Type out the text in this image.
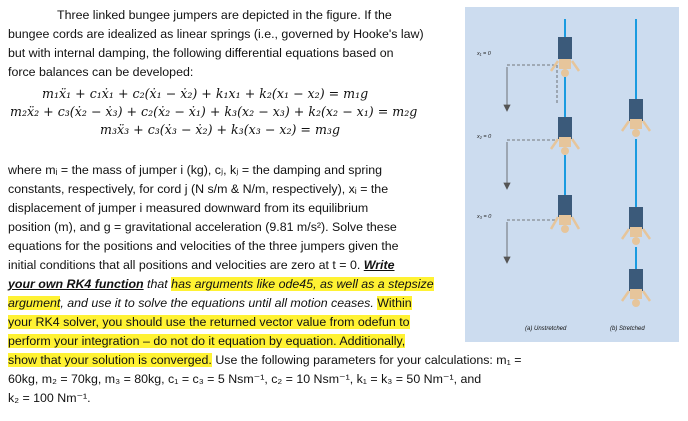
Three linked bungee jumpers are depicted in the figure. If the
bungee cords are idealized as linear springs (i.e., governed by Hooke's law)
but with internal damping, the following differential equations based on
force balances can be developed:
m₁ẍ₁ + c₁ẋ₁ + c₂(ẋ₁ − ẋ₂) + k₁x₁ + k₂(x₁ − x₂) = m₁g
m₂ẍ₂ + c₃(ẋ₂ − ẋ₃) + c₂(ẋ₂ − ẋ₁) + k₃(x₂ − x₃) + k₂(x₂ − x₁) = m₂g
m₃ẍ₃ + c₃(ẋ₃ − ẋ₂) + k₃(x₃ − x₂) = m₃g
where mᵢ = the mass of jumper i (kg), cⱼ, kⱼ = the damping and spring
constants, respectively, for cord j (N s/m & N/m, respectively), xᵢ = the
displacement of jumper i measured downward from its equilibrium
position (m), and g = gravitational acceleration (9.81 m/s²). Solve these
equations for the positions and velocities of the three jumpers given the
initial conditions that all positions and velocities are zero at t = 0. Write
your own RK4 function that has arguments like ode45, as well as a stepsize
argument, and use it to solve the equations until all motion ceases. Within
your RK4 solver, you should use the returned vector value from odefun to
perform your integration – do not do it equation by equation. Additionally,
show that your solution is converged. Use the following parameters for your calculations: m₁ =
60kg, m₂ = 70kg, m₃ = 80kg, c₁ = c₃ = 5 Nsm⁻¹, c₂ = 10 Nsm⁻¹, k₁ = k₃ = 50 Nm⁻¹, and
k₂ = 100 Nm⁻¹.
x₁ = 0
x₂ = 0
x₃ = 0
(a) Unstretched	(b) Stretched
